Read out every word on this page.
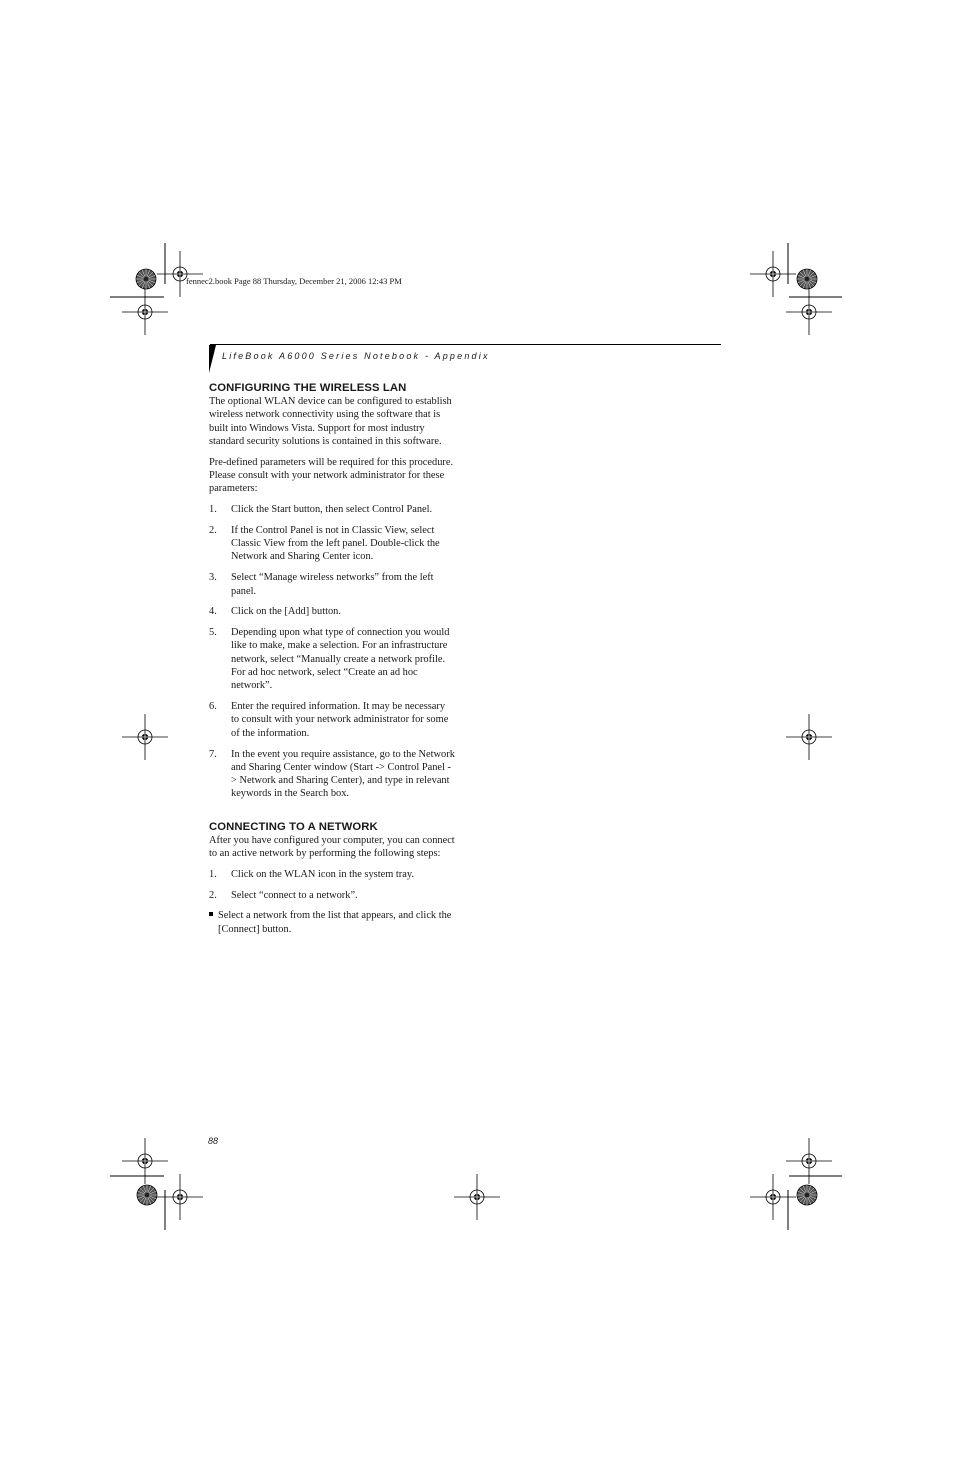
fennec2.book Page 88 Thursday, December 21, 2006 12:43 PM
LifeBook A6000 Series Notebook - Appendix
CONFIGURING THE WIRELESS LAN

The optional WLAN device can be configured to establish wireless network connectivity using the software that is built into Windows Vista. Support for most industry standard security solutions is contained in this software.

Pre-defined parameters will be required for this procedure. Please consult with your network administrator for these parameters:

1. Click the Start button, then select Control Panel.
2. If the Control Panel is not in Classic View, select Classic View from the left panel. Double-click the Network and Sharing Center icon.
3. Select “Manage wireless networks” from the left panel.
4. Click on the [Add] button.
5. Depending upon what type of connection you would like to make, make a selection. For an infrastructure network, select “Manually create a network profile. For ad hoc network, select “Create an ad hoc network”.
6. Enter the required information. It may be necessary to consult with your network administrator for some of the information.
7. In the event you require assistance, go to the Network and Sharing Center window (Start -> Control Panel -> Network and Sharing Center), and type in relevant keywords in the Search box.
CONNECTING TO A NETWORK

After you have configured your computer, you can connect to an active network by performing the following steps:

1. Click on the WLAN icon in the system tray.
2. Select “connect to a network”.
Select a network from the list that appears, and click the [Connect] button.
88
